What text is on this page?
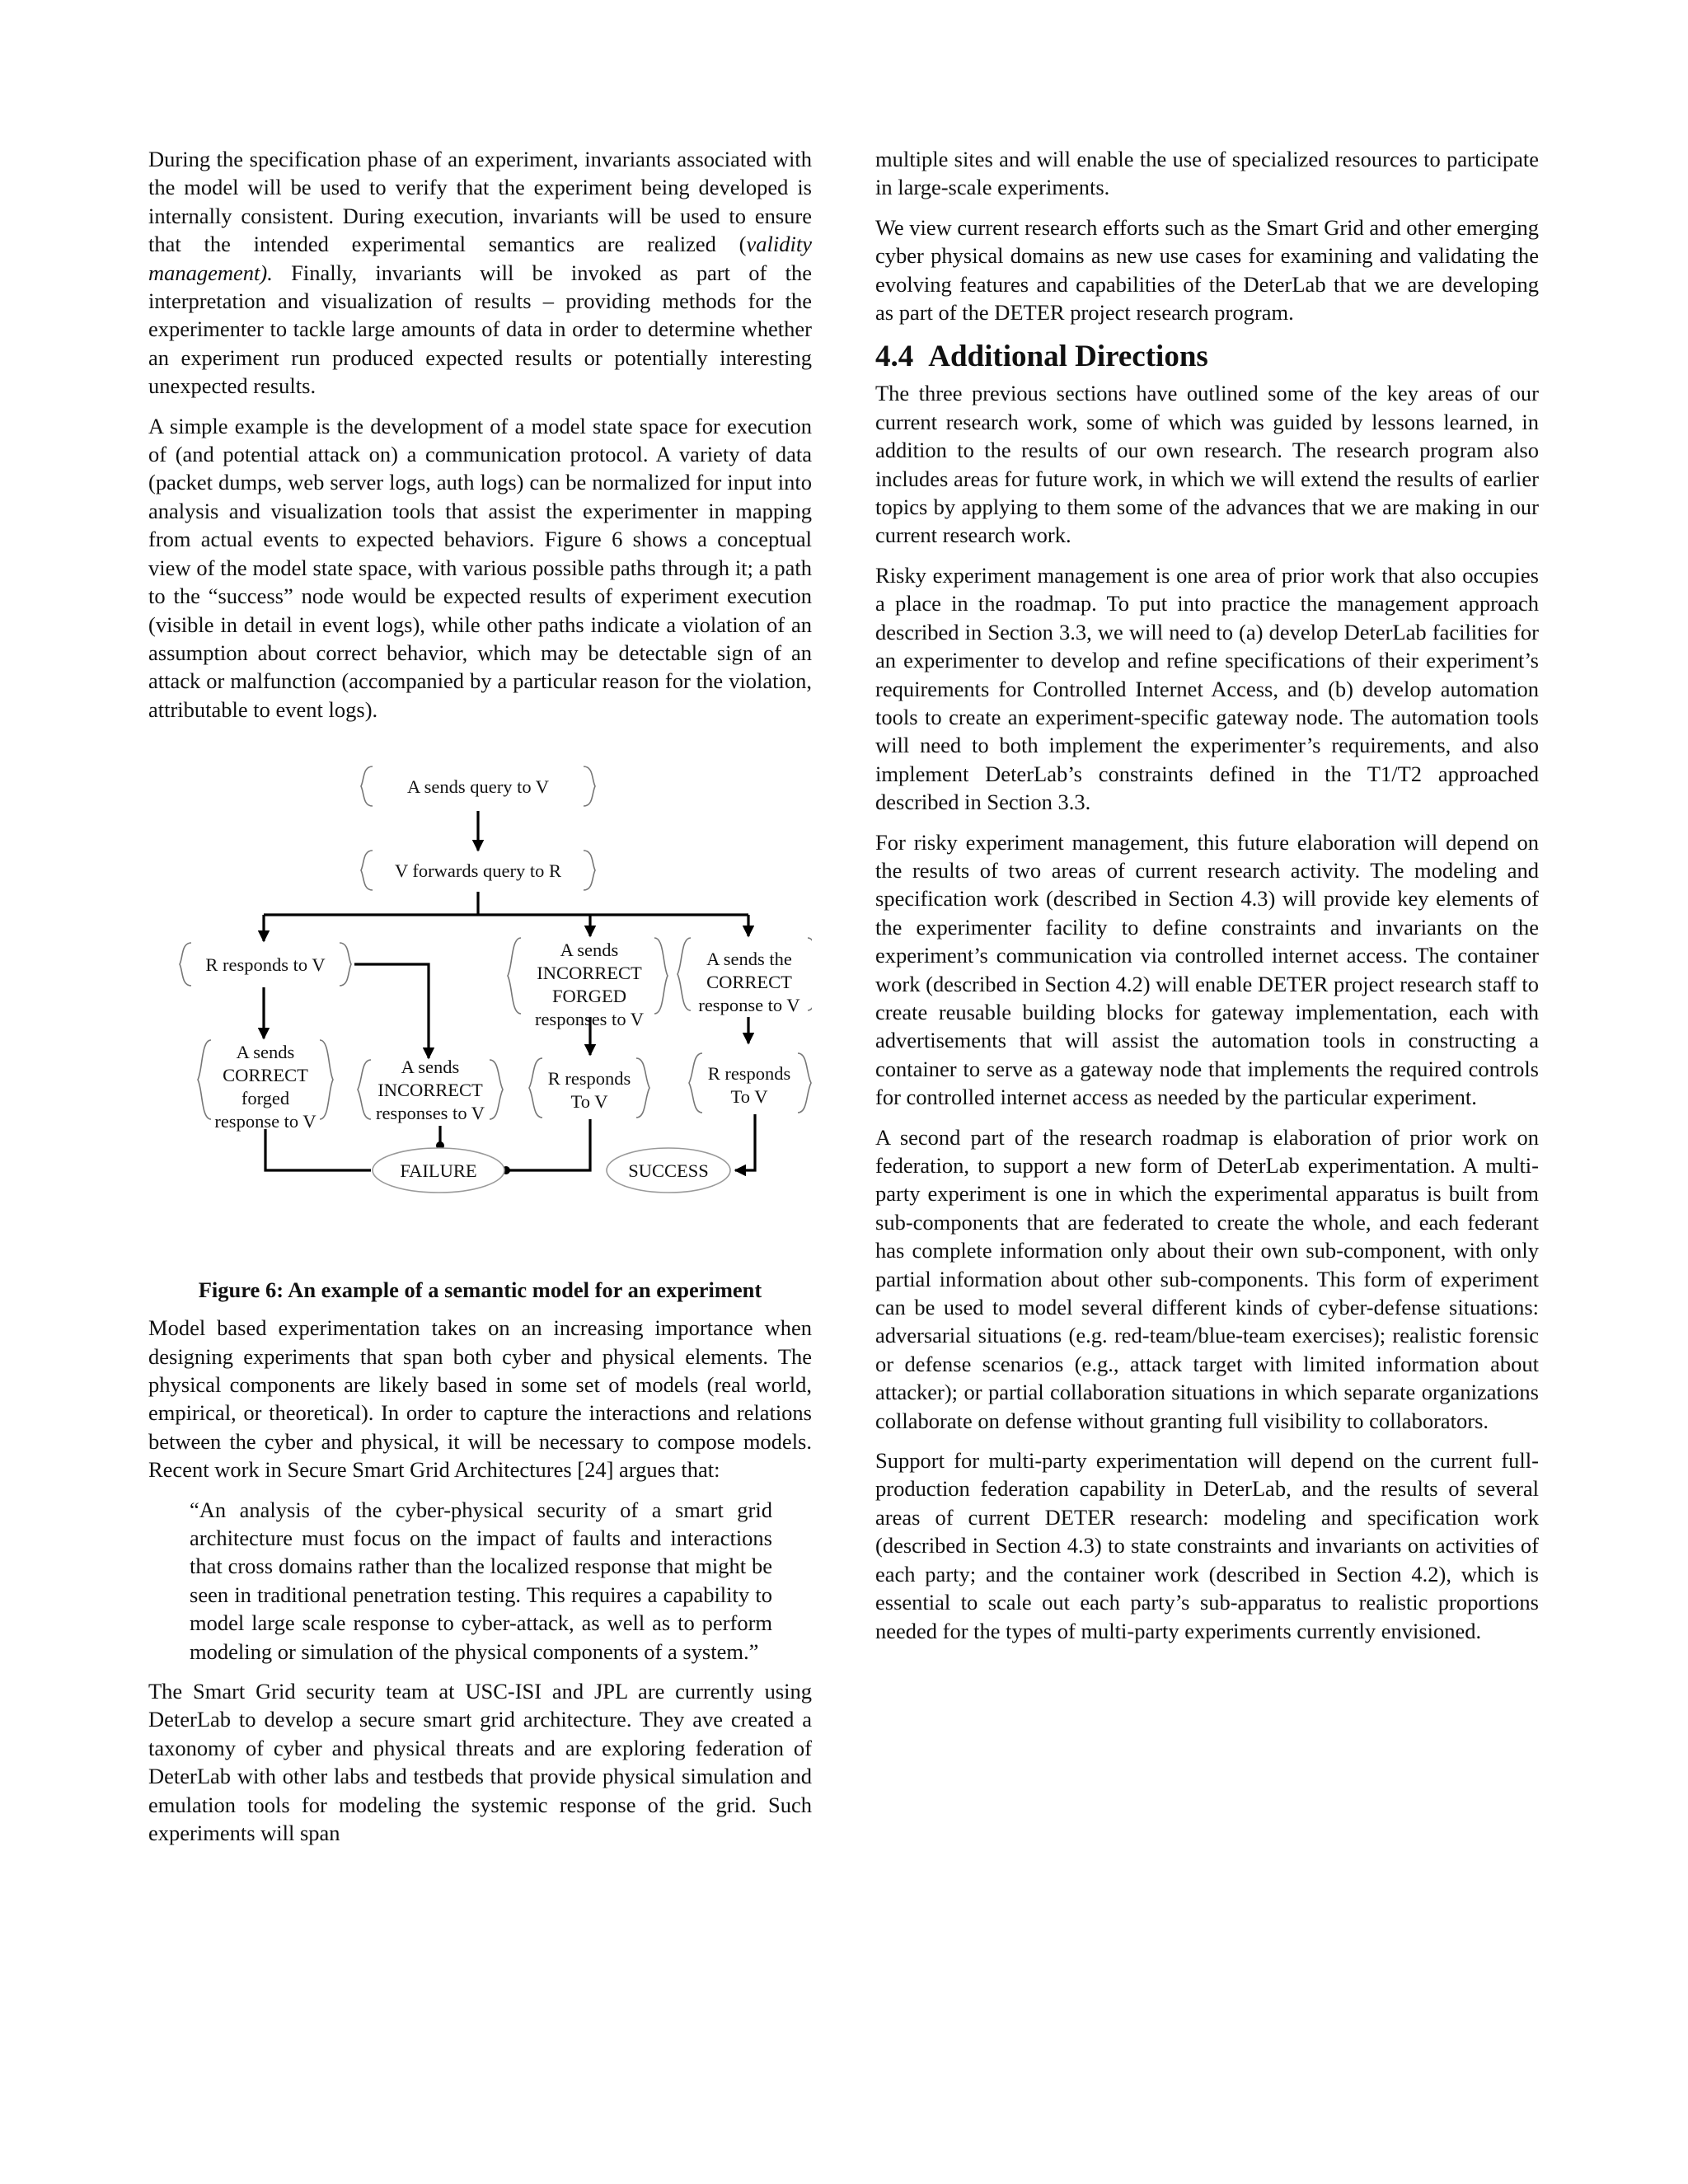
During the specification phase of an experiment, invariants associated with the model will be used to verify that the experiment being developed is internally consistent. During execution, invariants will be used to ensure that the intended experimental semantics are realized (validity management). Finally, invariants will be invoked as part of the interpretation and visualization of results – providing methods for the experimenter to tackle large amounts of data in order to determine whether an experiment run produced expected results or potentially interesting unexpected results.

A simple example is the development of a model state space for execution of (and potential attack on) a communication protocol. A variety of data (packet dumps, web server logs, auth logs) can be normalized for input into analysis and visualization tools that assist the experimenter in mapping from actual events to expected behaviors. Figure 6 shows a conceptual view of the model state space, with various possible paths through it; a path to the “success” node would be expected results of experiment execution (visible in detail in event logs), while other paths indicate a violation of an assumption about correct behavior, which may be detectable sign of an attack or malfunction (accompanied by a particular reason for the violation, attributable to event logs).

A sends query to V
V forwards query to R
R responds to V
A sends
INCORRECT
FORGED
responses to V
A sends the
CORRECT
response to V
A sends
CORRECT
forged
response to V
A sends
INCORRECT
responses to V
R responds
To V
R responds
To V
FAILURE	SUCCESS
Figure 6: An example of a semantic model for an experiment

Model based experimentation takes on an increasing importance when designing experiments that span both cyber and physical elements. The physical components are likely based in some set of models (real world, empirical, or theoretical). In order to capture the interactions and relations between the cyber and physical, it will be necessary to compose models. Recent work in Secure Smart Grid Architectures [24] argues that:

“An analysis of the cyber-physical security of a smart grid architecture must focus on the impact of faults and interactions that cross domains rather than the localized response that might be seen in traditional penetration testing. This requires a capability to model large scale response to cyber-attack, as well as to perform modeling or simulation of the physical components of a system.”

The Smart Grid security team at USC-ISI and JPL are currently using DeterLab to develop a secure smart grid architecture. They ave created a taxonomy of cyber and physical threats and are exploring federation of DeterLab with other labs and testbeds that provide physical simulation and emulation tools for modeling the systemic response of the grid. Such experiments will span

multiple sites and will enable the use of specialized resources to participate in large-scale experiments.

We view current research efforts such as the Smart Grid and other emerging cyber physical domains as new use cases for examining and validating the evolving features and capabilities of the DeterLab that we are developing as part of the DETER project research program.

4.4 Additional Directions

The three previous sections have outlined some of the key areas of our current research work, some of which was guided by lessons learned, in addition to the results of our own research. The research program also includes areas for future work, in which we will extend the results of earlier topics by applying to them some of the advances that we are making in our current research work.

Risky experiment management is one area of prior work that also occupies a place in the roadmap. To put into practice the management approach described in Section 3.3, we will need to (a) develop DeterLab facilities for an experimenter to develop and refine specifications of their experiment’s requirements for Controlled Internet Access, and (b) develop automation tools to create an experiment-specific gateway node. The automation tools will need to both implement the experimenter’s requirements, and also implement DeterLab’s constraints defined in the T1/T2 approached described in Section 3.3.

For risky experiment management, this future elaboration will depend on the results of two areas of current research activity. The modeling and specification work (described in Section 4.3) will provide key elements of the experimenter facility to define constraints and invariants on the experiment’s communication via controlled internet access. The container work (described in Section 4.2) will enable DETER project research staff to create reusable building blocks for gateway implementation, each with advertisements that will assist the automation tools in constructing a container to serve as a gateway node that implements the required controls for controlled internet access as needed by the particular experiment.

A second part of the research roadmap is elaboration of prior work on federation, to support a new form of DeterLab experimentation. A multi-party experiment is one in which the experimental apparatus is built from sub-components that are federated to create the whole, and each federant has complete information only about their own sub-component, with only partial information about other sub-components. This form of experiment can be used to model several different kinds of cyber-defense situations: adversarial situations (e.g. red-team/blue-team exercises); realistic forensic or defense scenarios (e.g., attack target with limited information about attacker); or partial collaboration situations in which separate organizations collaborate on defense without granting full visibility to collaborators.

Support for multi-party experimentation will depend on the current full-production federation capability in DeterLab, and the results of several areas of current DETER research: modeling and specification work (described in Section 4.3) to state constraints and invariants on activities of each party; and the container work (described in Section 4.2), which is essential to scale out each party’s sub-apparatus to realistic proportions needed for the types of multi-party experiments currently envisioned.
